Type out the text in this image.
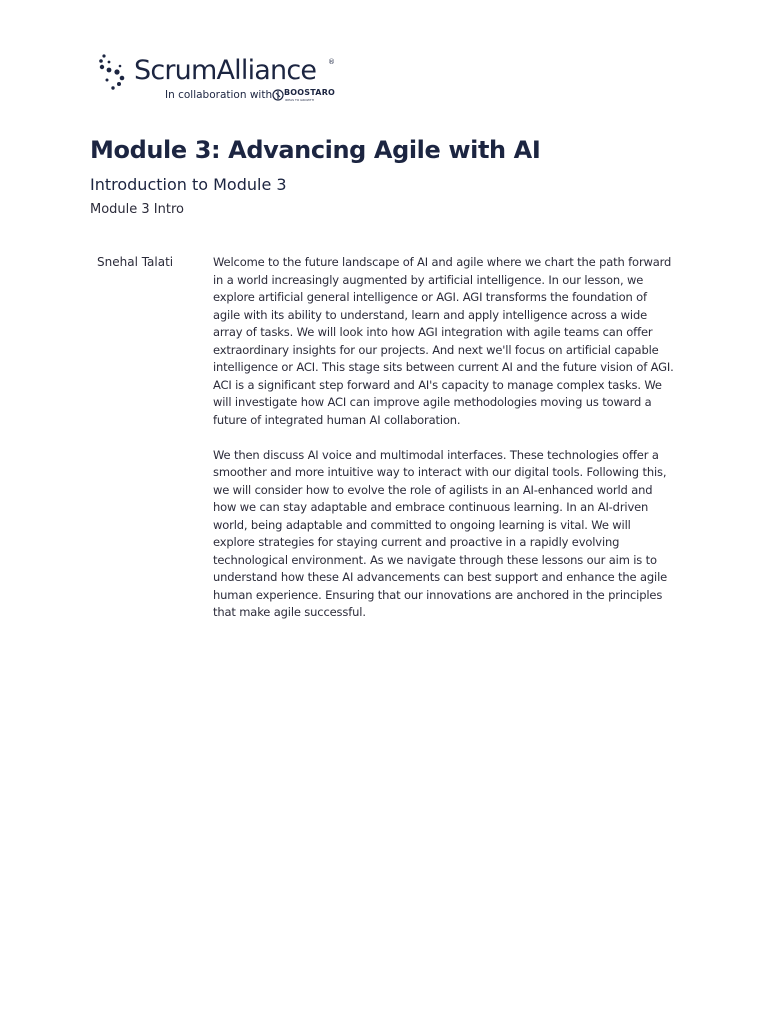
ScrumAlliance ®
In collaboration with BOOSTARO
IDEAS TO GROWTH
Module 3: Advancing Agile with AI
Introduction to Module 3
Module 3 Intro
Snehal Talati	Welcome to the future landscape of AI and agile where we chart the path forward in a world increasingly augmented by artificial intelligence. In our lesson, we explore artificial general intelligence or AGI. AGI transforms the foundation of agile with its ability to understand, learn and apply intelligence across a wide array of tasks. We will look into how AGI integration with agile teams can offer extraordinary insights for our projects. And next we'll focus on artificial capable intelligence or ACI. This stage sits between current AI and the future vision of AGI. ACI is a significant step forward and AI's capacity to manage complex tasks. We will investigate how ACI can improve agile methodologies moving us toward a future of integrated human AI collaboration.

We then discuss AI voice and multimodal interfaces. These technologies offer a smoother and more intuitive way to interact with our digital tools. Following this, we will consider how to evolve the role of agilists in an AI-enhanced world and how we can stay adaptable and embrace continuous learning. In an AI-driven world, being adaptable and committed to ongoing learning is vital. We will explore strategies for staying current and proactive in a rapidly evolving technological environment. As we navigate through these lessons our aim is to understand how these AI advancements can best support and enhance the agile human experience. Ensuring that our innovations are anchored in the principles that make agile successful.
